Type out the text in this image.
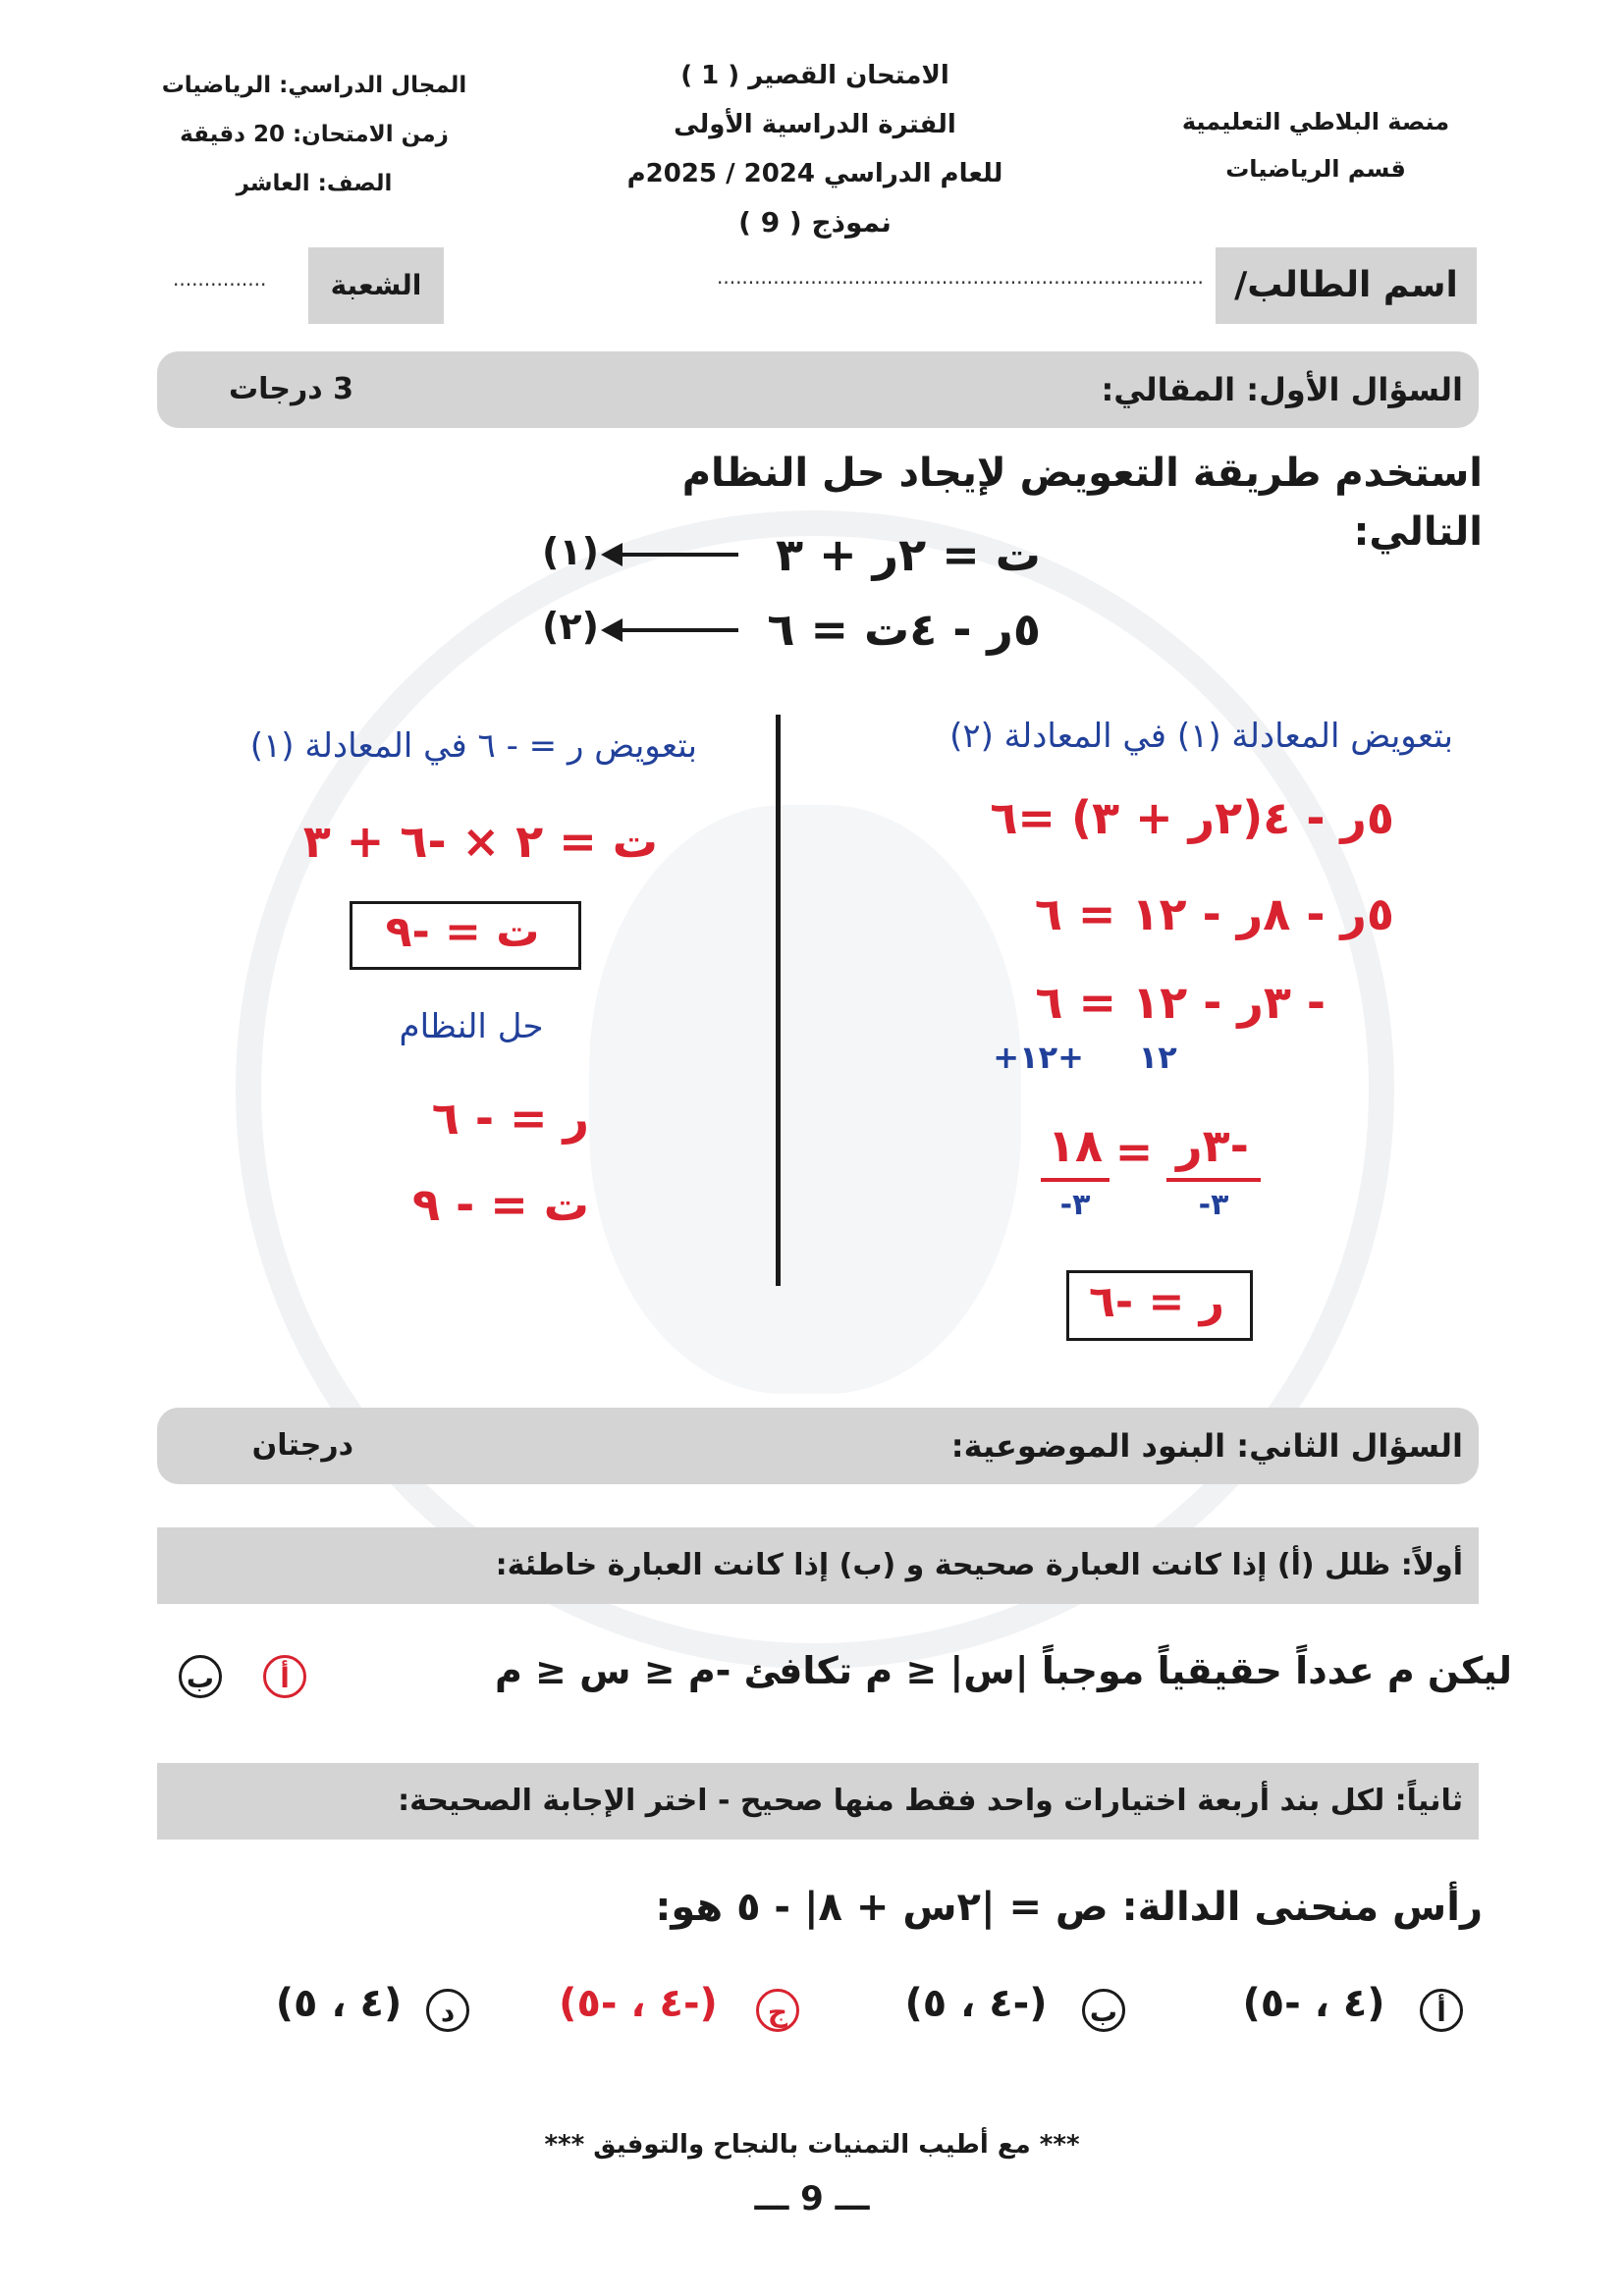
منصة البلاطي التعليمية
قسم الرياضيات
الامتحان القصير ( 1 )
الفترة الدراسية الأولى
للعام الدراسي 2024 / 2025م
نموذج ( 9 )
المجال الدراسي: الرياضيات
زمن الامتحان: 20 دقيقة
الصف: العاشر
اسم الطالب/
..............................................................................
الشعبة
...............
السؤال الأول: المقالي:
3 درجات
استخدم طريقة التعويض لإيجاد حل النظام التالي:
ت = ٢ر + ٣
(١)
٥ر - ٤ت = ٦
(٢)
بتعويض المعادلة (١) في المعادلة (٢)
٥ر - ٤(٢ر + ٣) =٦
٥ر - ٨ر - ١٢ = ٦
- ٣ر - ١٢ = ٦
+١٢     +١٢
-٣ر
-٣
=
١٨
-٣
ر = -٦
بتعويض ر = - ٦ في المعادلة (١)
ت = ٢ × -٦ + ٣
ت = -٩
حل النظام
ر = - ٦
ت = - ٩
السؤال الثاني: البنود الموضوعية:
درجتان
أولاً: ظلل (أ) إذا كانت العبارة صحيحة و (ب) إذا كانت العبارة خاطئة:
ليكن م عدداً حقيقياً موجباً |س| ≤ م تكافئ -م ≤ س ≤ م
أ
ب
ثانياً: لكل بند أربعة اختيارات واحد فقط منها صحيح - اختر الإجابة الصحيحة:
رأس منحنى الدالة: ص = |٢س + ٨| - ٥ هو:
أ
(٤ ، -٥)
ب
(-٤ ، ٥)
ج
(-٤ ، -٥)
د
(٤ ، ٥)
*** مع أطيب التمنيات بالنجاح والتوفيق ***
ـــ 9 ـــ
